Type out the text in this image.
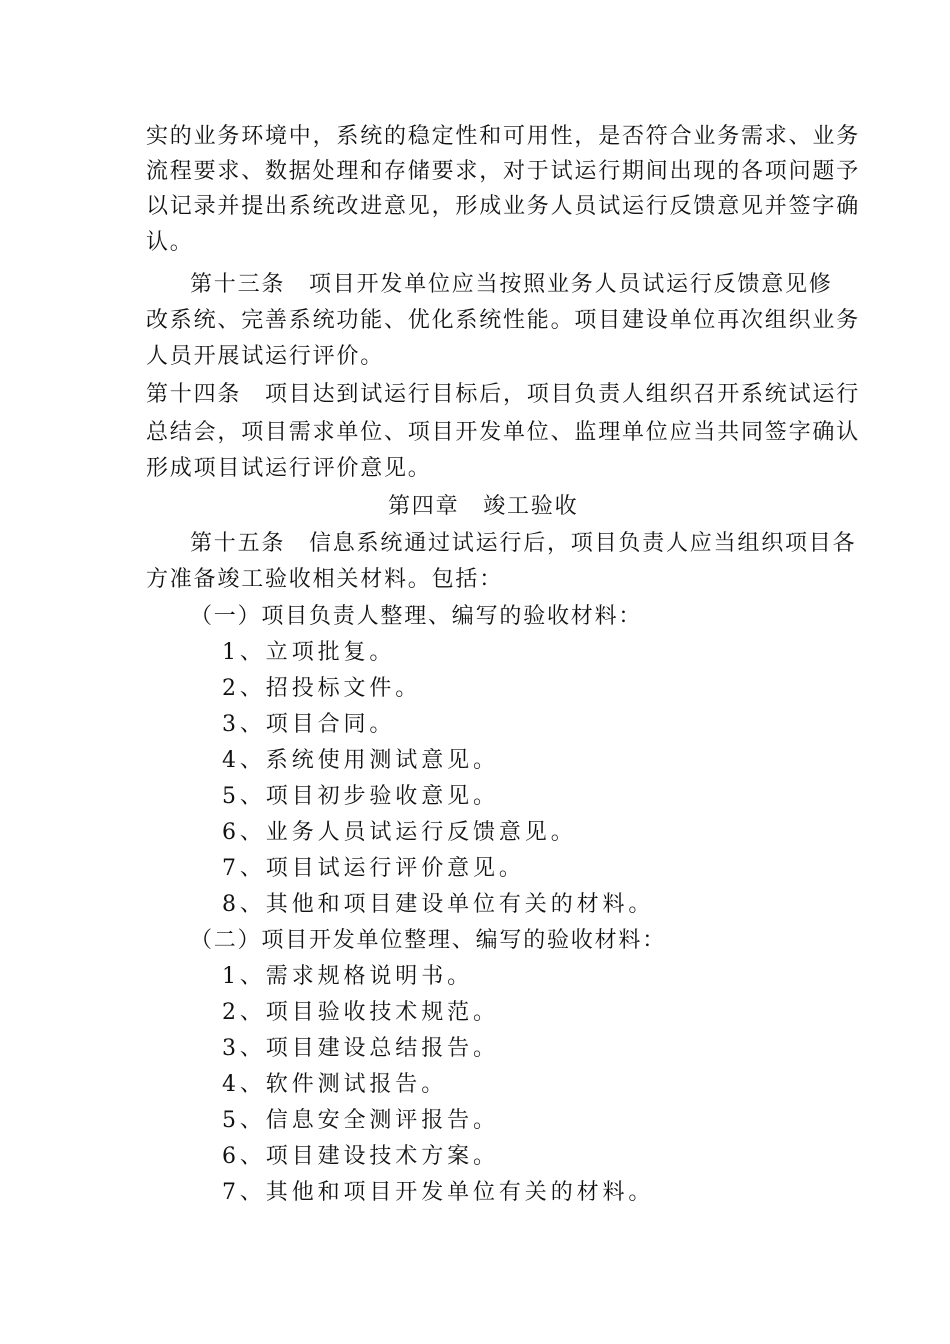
实的业务环境中，系统的稳定性和可用性，是否符合业务需求、业务
流程要求、数据处理和存储要求，对于试运行期间出现的各项问题予
以记录并提出系统改进意见，形成业务人员试运行反馈意见并签字确
认。
第十三条　项目开发单位应当按照业务人员试运行反馈意见修
改系统、完善系统功能、优化系统性能。项目建设单位再次组织业务
人员开展试运行评价。
第十四条　项目达到试运行目标后，项目负责人组织召开系统试运行
总结会，项目需求单位、项目开发单位、监理单位应当共同签字确认
形成项目试运行评价意见。
第四章　竣工验收
第十五条　信息系统通过试运行后，项目负责人应当组织项目各
方准备竣工验收相关材料。包括：
（一）项目负责人整理、编写的验收材料：
1、立项批复。
2、招投标文件。
3、项目合同。
4、系统使用测试意见。
5、项目初步验收意见。
6、业务人员试运行反馈意见。
7、项目试运行评价意见。
8、其他和项目建设单位有关的材料。
（二）项目开发单位整理、编写的验收材料：
1、需求规格说明书。
2、项目验收技术规范。
3、项目建设总结报告。
4、软件测试报告。
5、信息安全测评报告。
6、项目建设技术方案。
7、其他和项目开发单位有关的材料。
